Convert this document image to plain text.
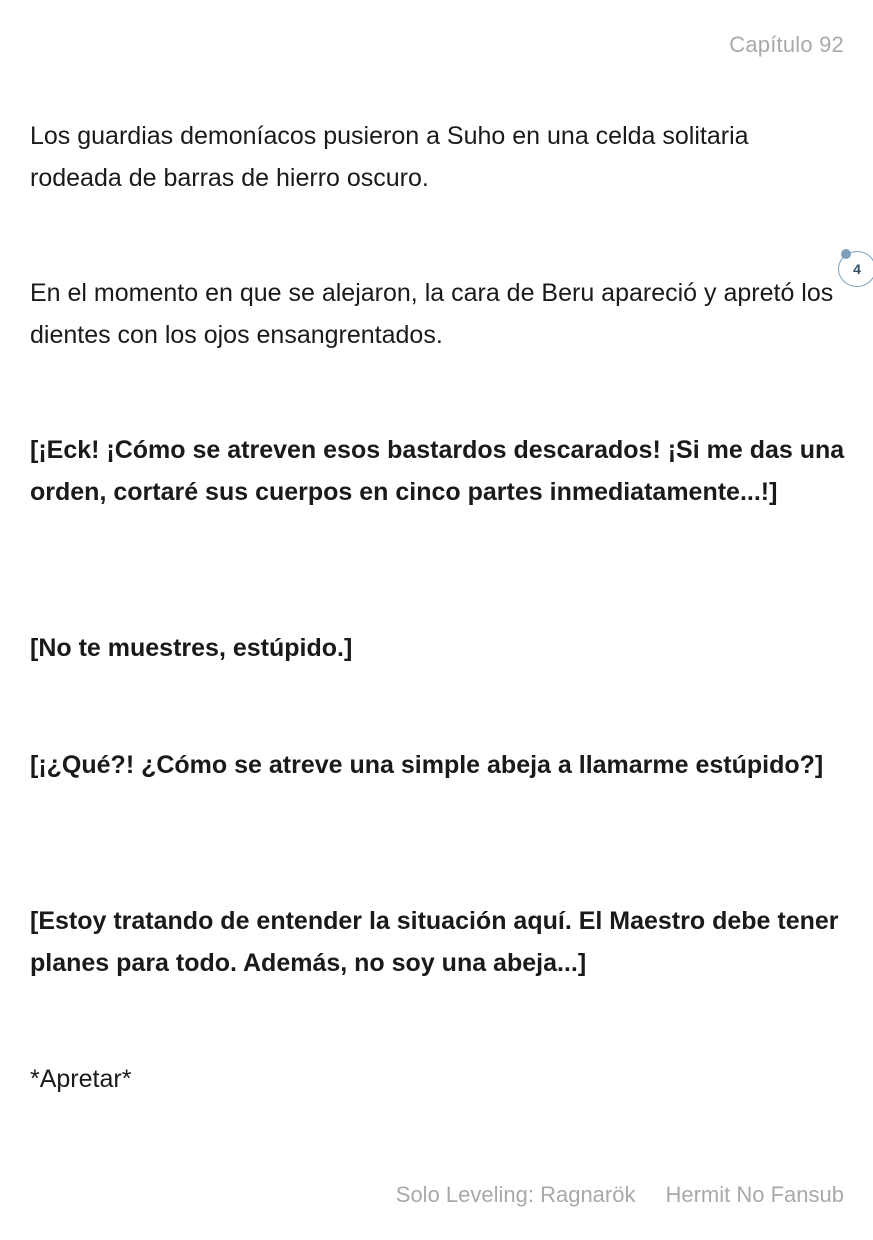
Capítulo 92

Los guardias demoníacos pusieron a Suho en una celda solitaria rodeada de barras de hierro oscuro.

En el momento en que se alejaron, la cara de Beru apareció y apretó los dientes con los ojos ensangrentados.

[¡Eck! ¡Cómo se atreven esos bastardos descarados! ¡Si me das una orden, cortaré sus cuerpos en cinco partes inmediatamente...!]

[No te muestres, estúpido.]

[¡¿Qué?! ¿Cómo se atreve una simple abeja a llamarme estúpido?]

[Estoy tratando de entender la situación aquí. El Maestro debe tener planes para todo. Además, no soy una abeja...]

*Apretar*

4
Solo Leveling: Ragnarök Hermit No Fansub
